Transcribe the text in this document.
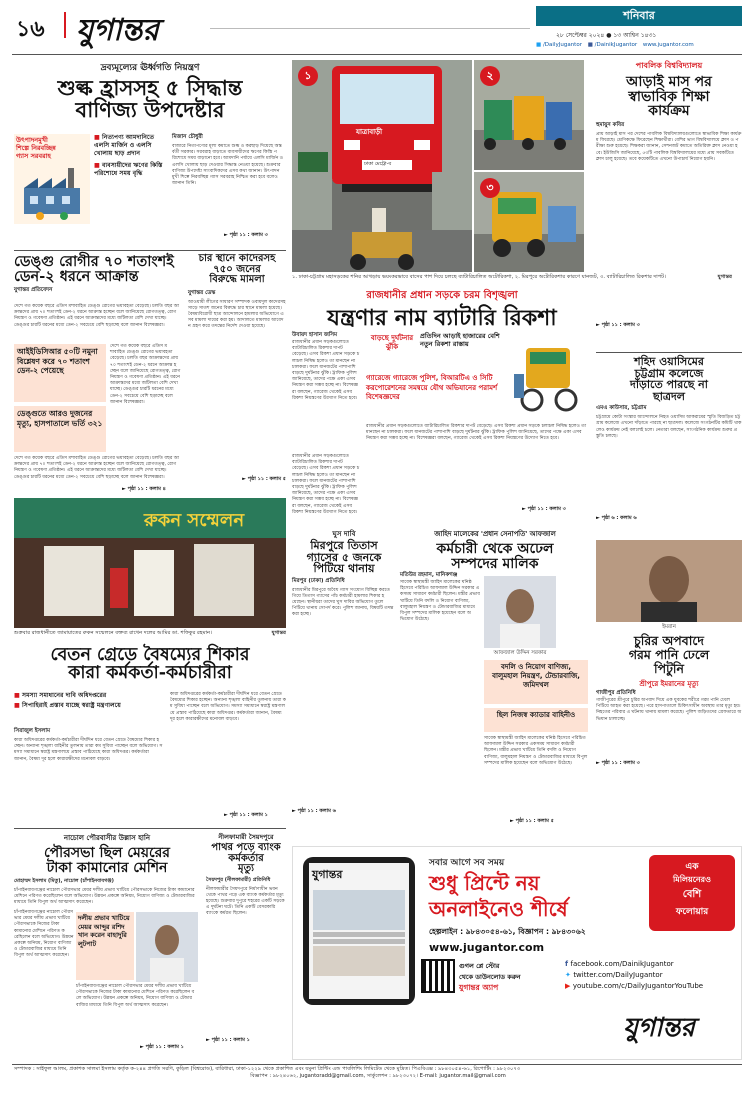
১৬ যুগান্তর	শনিবার
২৮ সেপ্টেম্বর ২০২৪ ● ১৩ আশ্বিন ১৪৩১
■ /DailyJugantor ■ /DainikJugantor www.jugantor.com
দ্রব্যমূল্যের ঊর্ধ্বগতি নিয়ন্ত্রণ
শুল্ক হ্রাসসহ ৫ সিদ্ধান্ত
বাণিজ্য উপদেষ্টার
উৎপাদনমুখী
শিল্পে নিরবচ্ছিন্ন
গ্যাস সরবরাহ
■ নিত্যপণ্য আমদানিতে এলসি মার্জিন ও এলসি খোলায় ছাড় প্রদান
■ ব্যবসায়ীদের ঋণের কিস্তি পরিশোধে সময় বৃদ্ধি
মিজান চৌধুরী
বাজারে নিত্যপণ্যের মূল্য কমাতে শুল্ক ও করছাড় দিয়েছে অন্তর্বর্তী সরকার। সরবরাহ বাড়াতে ব্যবসায়ীদের ঋণের কিস্তি পরিশোধে সময় বাড়ানো হবে। আমদানি পর্যায়ে এলসি মার্জিন ও এলসি খোলায় ছাড় দেওয়ার সিদ্ধান্ত নেওয়া হয়েছে। শুক্রবার বাণিজ্য উপদেষ্টা সাংবাদিকদের এসব কথা জানান। উৎপাদনমুখী শিল্পে নিরবচ্ছিন্ন গ্যাস সরবরাহ নিশ্চিত করা হবে বলেও জানান তিনি।
► পৃষ্ঠা ১১ : কলাম ৩
ডেঙ্গু রোগীর ৭০ শতাংশই
ডেন-২ ধরনে আক্রান্ত
যুগান্তর প্রতিবেদন
দেশে গত কয়েক বছরে এডিস মশাবাহিত ডেঙ্গু রোগের ভয়াবহতা বেড়েছে। চলতি বছর আক্রান্তদের প্রায় ৭০ শতাংশই ডেন-২ ধরনে আক্রান্ত হচ্ছেন বলে জানিয়েছে রোগতত্ত্ব, রোগনিয়ন্ত্রণ ও গবেষণা প্রতিষ্ঠান। এই ধরনে আক্রান্তদের মধ্যে জটিলতা বেশি দেখা যাচ্ছে। ডেঙ্গুর চারটি ধরনের মধ্যে ডেন-২ সবচেয়ে বেশি ছড়াচ্ছে বলে জানান বিশেষজ্ঞরা।
আইইডিসিআর ৫০টি নমুনা বিশ্লেষণ করে ৭০ শতাংশ ডেন-২ পেয়েছে
ডেঙ্গুতে আরও দুজনের মৃত্যু, হাসপাতালে ভর্তি ৩২১
দেশে গত কয়েক বছরে এডিস মশাবাহিত ডেঙ্গু রোগের ভয়াবহতা বেড়েছে। চলতি বছর আক্রান্তদের প্রায় ৭০ শতাংশই ডেন-২ ধরনে আক্রান্ত হচ্ছেন বলে জানিয়েছে রোগতত্ত্ব, রোগনিয়ন্ত্রণ ও গবেষণা প্রতিষ্ঠান। এই ধরনে আক্রান্তদের মধ্যে জটিলতা বেশি দেখা যাচ্ছে। ডেঙ্গুর চারটি ধরনের মধ্যে ডেন-২ সবচেয়ে বেশি ছড়াচ্ছে বলে জানান বিশেষজ্ঞরা।
দেশে গত কয়েক বছরে এডিস মশাবাহিত ডেঙ্গু রোগের ভয়াবহতা বেড়েছে। চলতি বছর আক্রান্তদের প্রায় ৭০ শতাংশই ডেন-২ ধরনে আক্রান্ত হচ্ছেন বলে জানিয়েছে রোগতত্ত্ব, রোগনিয়ন্ত্রণ ও গবেষণা প্রতিষ্ঠান। এই ধরনে আক্রান্তদের মধ্যে জটিলতা বেশি দেখা যাচ্ছে। ডেঙ্গুর চারটি ধরনের মধ্যে ডেন-২ সবচেয়ে বেশি ছড়াচ্ছে বলে জানান বিশেষজ্ঞরা।
► পৃষ্ঠা ১১ : কলাম ৪
চার স্থানে কাদেরসহ
৭৫০ জনের
বিরুদ্ধে মামলা
যুগান্তর ডেস্ক
আওয়ামী লীগের সাধারণ সম্পাদক ওবায়দুল কাদেরসহ সাড়ে সাতশ জনের বিরুদ্ধে চার স্থানে মামলা হয়েছে। বৈষম্যবিরোধী ছাত্র আন্দোলনে হামলার অভিযোগে এসব মামলা দায়ের করা হয়। আদালতে মামলার আবেদন গ্রহণ করে তদন্তের নির্দেশ দেওয়া হয়েছে।
► পৃষ্ঠা ১১ : কলাম ৫
যাত্রাবাড়ী
ঢাকা মেট্রো-ব
১	২
৩
১. ঢাকা-চট্টগ্রাম মহাসড়কের শনির আখড়ায় ভয়ংকরভাবে বাসের পাশ দিয়ে চলছে ব্যাটারিচালিত অটোরিকশা, ২. মিরপুরে অটোরিকশার কারণে যানজট, ৩. ব্যাটারিচালিত রিকশার দাপট।	যুগান্তর
রাজধানীর প্রধান সড়কে চরম বিশৃঙ্খলা
যন্ত্রণার নাম ব্যাটারি রিকশা
উবায়দ হাসান জসিম
রাজধানীর প্রধান সড়কগুলোতে ব্যাটারিচালিত রিকশার দাপট বেড়েছে। এসব রিকশা প্রধান সড়কে চলাচল নিষিদ্ধ হলেও তা মানছেন না চালকরা। ফলে যানজটের পাশাপাশি বাড়ছে দুর্ঘটনার ঝুঁকি। ট্রাফিক পুলিশ জানিয়েছে, তাদের পক্ষে একা এসব নিয়ন্ত্রণ করা সম্ভব হচ্ছে না। বিশেষজ্ঞরা বলছেন, গ্যারেজ থেকেই এসব রিকশা নিয়ন্ত্রণের উদ্যোগ নিতে হবে।
বাড়ছে দুর্ঘটনার ঝুঁকি
প্রতিদিন আড়াই হাজারের বেশি নতুন রিকশা রাস্তায়
গ্যারেজে গ্যারেজে পুলিশ, বিআরটিএ ও সিটি করপোরেশনের সমন্বয়ে যৌথ অভিযানের পরামর্শ বিশেষজ্ঞদের
রাজধানীর প্রধান সড়কগুলোতে ব্যাটারিচালিত রিকশার দাপট বেড়েছে। এসব রিকশা প্রধান সড়কে চলাচল নিষিদ্ধ হলেও তা মানছেন না চালকরা। ফলে যানজটের পাশাপাশি বাড়ছে দুর্ঘটনার ঝুঁকি। ট্রাফিক পুলিশ জানিয়েছে, তাদের পক্ষে একা এসব নিয়ন্ত্রণ করা সম্ভব হচ্ছে না। বিশেষজ্ঞরা বলছেন, গ্যারেজ থেকেই এসব রিকশা নিয়ন্ত্রণের উদ্যোগ নিতে হবে।
রাজধানীর প্রধান সড়কগুলোতে ব্যাটারিচালিত রিকশার দাপট বেড়েছে। এসব রিকশা প্রধান সড়কে চলাচল নিষিদ্ধ হলেও তা মানছেন না চালকরা। ফলে যানজটের পাশাপাশি বাড়ছে দুর্ঘটনার ঝুঁকি। ট্রাফিক পুলিশ জানিয়েছে, তাদের পক্ষে একা এসব নিয়ন্ত্রণ করা সম্ভব হচ্ছে না। বিশেষজ্ঞরা বলছেন, গ্যারেজ থেকেই এসব রিকশা নিয়ন্ত্রণের উদ্যোগ নিতে হবে।
► পৃষ্ঠা ১১ : কলাম ৩
পাবলিক বিশ্ববিদ্যালয়
আড়াই মাস পর
স্বাভাবিক শিক্ষা
কার্যক্রম
হুমায়ুন কবির
প্রায় আড়াই মাস পর দেশের পাবলিক বিশ্ববিদ্যালয়গুলোতে স্বাভাবিক শিক্ষা কার্যক্রম ফিরেছে। শ্রেণিকক্ষে ফিরেছেন শিক্ষার্থীরা। বেশির ভাগ বিশ্ববিদ্যালয়ে ক্লাস ও পরীক্ষা শুরু হয়েছে। শিক্ষকরা জানান, সেশনজট কমাতে অতিরিক্ত ক্লাস নেওয়া হবে। ইউজিসি জানিয়েছে, ৫৩টি পাবলিক বিশ্ববিদ্যালয়ের মধ্যে প্রায় সবকটিতে ক্লাস চালু হয়েছে। তবে কয়েকটিতে এখনো উপাচার্য নিয়োগ হয়নি।
► পৃষ্ঠা ১১ : কলাম ৩
শহিদ ওয়াসিমের
চট্টগ্রাম কলেজে
দাঁড়াতে পারছে না
ছাত্রদল
এমএ কাউসার, চট্টগ্রাম
চট্টগ্রামে কোটা সংস্কার আন্দোলনে নিহত ওয়াসিম আকরামের স্মৃতি বিজড়িত চট্টগ্রাম কলেজে এখনো দাঁড়াতে পারছে না ছাত্রদল। কলেজে সংগঠনটির কমিটি থাকলেও কার্যক্রম নেই বললেই চলে। নেতারা বলছেন, সাংগঠনিক কার্যক্রম শুরুর প্রস্তুতি চলছে।
► পৃষ্ঠা ৬ : কলাম ৬
ইমরান
চুরির অপবাদে
গরম পানি ঢেলে
পিটুনি
শ্রীপুরে ইমরানের মৃত্যু
গাজীপুর প্রতিনিধি
গাজীপুরের শ্রীপুরে চুরির অপবাদ দিয়ে এক যুবকের শরীরে গরম পানি ঢেলে পিটিয়ে আহত করা হয়েছে। পরে হাসপাতালে চিকিৎসাধীন অবস্থায় তার মৃত্যু হয়। নিহতের পরিবার এ ঘটনায় থানায় মামলা করেছে। পুলিশ জড়িতদের গ্রেফতারে অভিযান চালাচ্ছে।
► পৃষ্ঠা ১১ : কলাম ৩
রুকন সম্মেলন
শুক্রবার রাজধানীতে জামায়াতের রুকন সম্মেলনে বক্তব্য রাখেন দলের আমির ডা. শফিকুর রহমান।	যুগান্তর
ঘুস দাবি
মিরপুরে তিতাস
গ্যাসের ৫ জনকে
পিটিয়ে থানায়
মিরপুর (ঢাকা) প্রতিনিধি
রাজধানীর মিরপুরে অবৈধ গ্যাস সংযোগ বিচ্ছিন্ন করতে গিয়ে তিতাস গ্যাসের পাঁচ কর্মচারী হামলার শিকার হয়েছেন। স্থানীয়রা তাদের ঘুস দাবির অভিযোগ তুলে পিটিয়ে থানায় সোপর্দ করে। পুলিশ জানায়, বিষয়টি তদন্ত করা হচ্ছে।
► পৃষ্ঠা ১১ : কলাম ৬
জাহিদ মালেকের 'প্রধান সেনাপতি' আফজাল
কর্মচারী থেকে অঢেল
সম্পদের মালিক
মতিউর রহমান, মানিকগঞ্জ
সাবেক স্বাস্থ্যমন্ত্রী জাহিদ মালেকের ঘনিষ্ঠ হিসেবে পরিচিত আফজাল উদ্দিন সরকার একসময় সাধারণ কর্মচারী ছিলেন। মন্ত্রীর প্রভাব খাটিয়ে তিনি বদলি ও নিয়োগ বাণিজ্য, বালুমহাল নিয়ন্ত্রণ ও টেন্ডারবাজির মাধ্যমে বিপুল সম্পদের মালিক হয়েছেন বলে অভিযোগ উঠেছে।
আফজাল উদ্দিন সরকার
বদলি ও নিয়োগ বাণিজ্য, বালুমহাল নিয়ন্ত্রণ, টেন্ডারবাজি, জমিদখল
ছিল নিজস্ব ক্যাডার বাহিনীও
সাবেক স্বাস্থ্যমন্ত্রী জাহিদ মালেকের ঘনিষ্ঠ হিসেবে পরিচিত আফজাল উদ্দিন সরকার একসময় সাধারণ কর্মচারী ছিলেন। মন্ত্রীর প্রভাব খাটিয়ে তিনি বদলি ও নিয়োগ বাণিজ্য, বালুমহাল নিয়ন্ত্রণ ও টেন্ডারবাজির মাধ্যমে বিপুল সম্পদের মালিক হয়েছেন বলে অভিযোগ উঠেছে।
► পৃষ্ঠা ১১ : কলাম ৫
বেতন গ্রেডে বৈষম্যের শিকার
কারা কর্মকর্তা-কর্মচারীরা
■ সমস্যা সমাধানের দাবি অধিদপ্তরের
■ সিপাহিরাই প্রস্তাব যাচ্ছে স্বরাষ্ট্র মন্ত্রণালয়ে
সিরাজুল ইসলাম
কারা অধিদপ্তরের কর্মকর্তা-কর্মচারীরা দীর্ঘদিন ধরে বেতন গ্রেডে বৈষম্যের শিকার হচ্ছেন। অন্যান্য শৃঙ্খলা বাহিনীর তুলনায় তারা কম সুবিধা পাচ্ছেন বলে অভিযোগ। সমস্যা সমাধানে স্বরাষ্ট্র মন্ত্রণালয়ে প্রস্তাব পাঠিয়েছে কারা অধিদপ্তর। কর্মকর্তারা জানান, বৈষম্য দূর হলে কারারক্ষীদের মনোবল বাড়বে।
কারা অধিদপ্তরের কর্মকর্তা-কর্মচারীরা দীর্ঘদিন ধরে বেতন গ্রেডে বৈষম্যের শিকার হচ্ছেন। অন্যান্য শৃঙ্খলা বাহিনীর তুলনায় তারা কম সুবিধা পাচ্ছেন বলে অভিযোগ। সমস্যা সমাধানে স্বরাষ্ট্র মন্ত্রণালয়ে প্রস্তাব পাঠিয়েছে কারা অধিদপ্তর। কর্মকর্তারা জানান, বৈষম্য দূর হলে কারারক্ষীদের মনোবল বাড়বে।
► পৃষ্ঠা ১১ : কলাম ১
নাচোল পৌরবাসীর উল্লাস হানি
পৌরসভা ছিল মেয়রের
টাকা কামানোর মেশিন
মোহাম্মদ ইসলাম (মিতু), নাচোল (চাঁপাইনবাবগঞ্জ)
চাঁপাইনবাবগঞ্জের নাচোল পৌরসভার মেয়র দলীয় প্রভাব খাটিয়ে পৌরসভাকে নিজের টাকা কামানোর মেশিনে পরিণত করেছিলেন বলে অভিযোগ। উন্নয়ন প্রকল্পে অনিয়ম, নিয়োগ বাণিজ্য ও টেন্ডারবাজির মাধ্যমে তিনি বিপুল অর্থ আত্মসাৎ করেছেন।
চাঁপাইনবাবগঞ্জের নাচোল পৌরসভার মেয়র দলীয় প্রভাব খাটিয়ে পৌরসভাকে নিজের টাকা কামানোর মেশিনে পরিণত করেছিলেন বলে অভিযোগ। উন্নয়ন প্রকল্পে অনিয়ম, নিয়োগ বাণিজ্য ও টেন্ডারবাজির মাধ্যমে তিনি বিপুল অর্থ আত্মসাৎ করেছেন।
দলীয় প্রভাব খাটিয়ে মেয়র আব্দুর রশিদ খান করেন বাহাদুরি লুটপাট
চাঁপাইনবাবগঞ্জের নাচোল পৌরসভার মেয়র দলীয় প্রভাব খাটিয়ে পৌরসভাকে নিজের টাকা কামানোর মেশিনে পরিণত করেছিলেন বলে অভিযোগ। উন্নয়ন প্রকল্পে অনিয়ম, নিয়োগ বাণিজ্য ও টেন্ডারবাজির মাধ্যমে তিনি বিপুল অর্থ আত্মসাৎ করেছেন।
► পৃষ্ঠা ১১ : কলাম ১
নীলফামারী সৈয়দপুরে
পাথর পড়ে ব্যাংক
কর্মকর্তার
মৃত্যু
সৈয়দপুর (নীলফামারী) প্রতিনিধি
নীলফামারীর সৈয়দপুরে নির্মাণাধীন ভবন থেকে পাথর পড়ে এক ব্যাংক কর্মকর্তার মৃত্যু হয়েছে। শুক্রবার দুপুরে শহরের একটি সড়কে এ দুর্ঘটনা ঘটে। তিনি একটি বেসরকারি ব্যাংকে কর্মরত ছিলেন।
► পৃষ্ঠা ১১ : কলাম ১
যুগান্তর
সবার আগে সব সময়
শুধু প্রিন্টে নয়
অনলাইনেও শীর্ষে
এক
মিলিয়নেরও
বেশি
ফলোয়ার
হেল্পলাইন : ৯৮৪৩০৫৪-৬১, বিজ্ঞাপন : ৯৮৪৩০৬২
www.jugantor.com
গুগল প্লে স্টোর
থেকে ডাউনলোড করুন
যুগান্তর অ্যাপ
f facebook.com/DainikJugantor
✦ twitter.com/DailyJugantor
▶ youtube.com/c/DailyJugantorYouTube
যুগান্তর
সম্পাদক : সাইফুল আলম, প্রকাশক সালমা ইসলাম কর্তৃক ক-২৪৪ প্রগতি সরণি, কুড়িল (বিশ্বরোড), বারিধারা, ঢাকা-১২২৯ থেকে প্রকাশিত এবং যমুনা প্রিন্টিং এন্ড পাবলিশিং লিমিটেড থেকে মুদ্রিত। পিএবিএক্স : ৯৮৪৩০৫৪-৬১, রিপোর্টিং : ৯৮২৩০৭৩
বিজ্ঞাপন : ৯৮২৪০৬২, jugantoradd@gmail.com, সার্কুলেশন : ৯৮২৩০৭২। E-mail: jugantor.mail@gmail.com
